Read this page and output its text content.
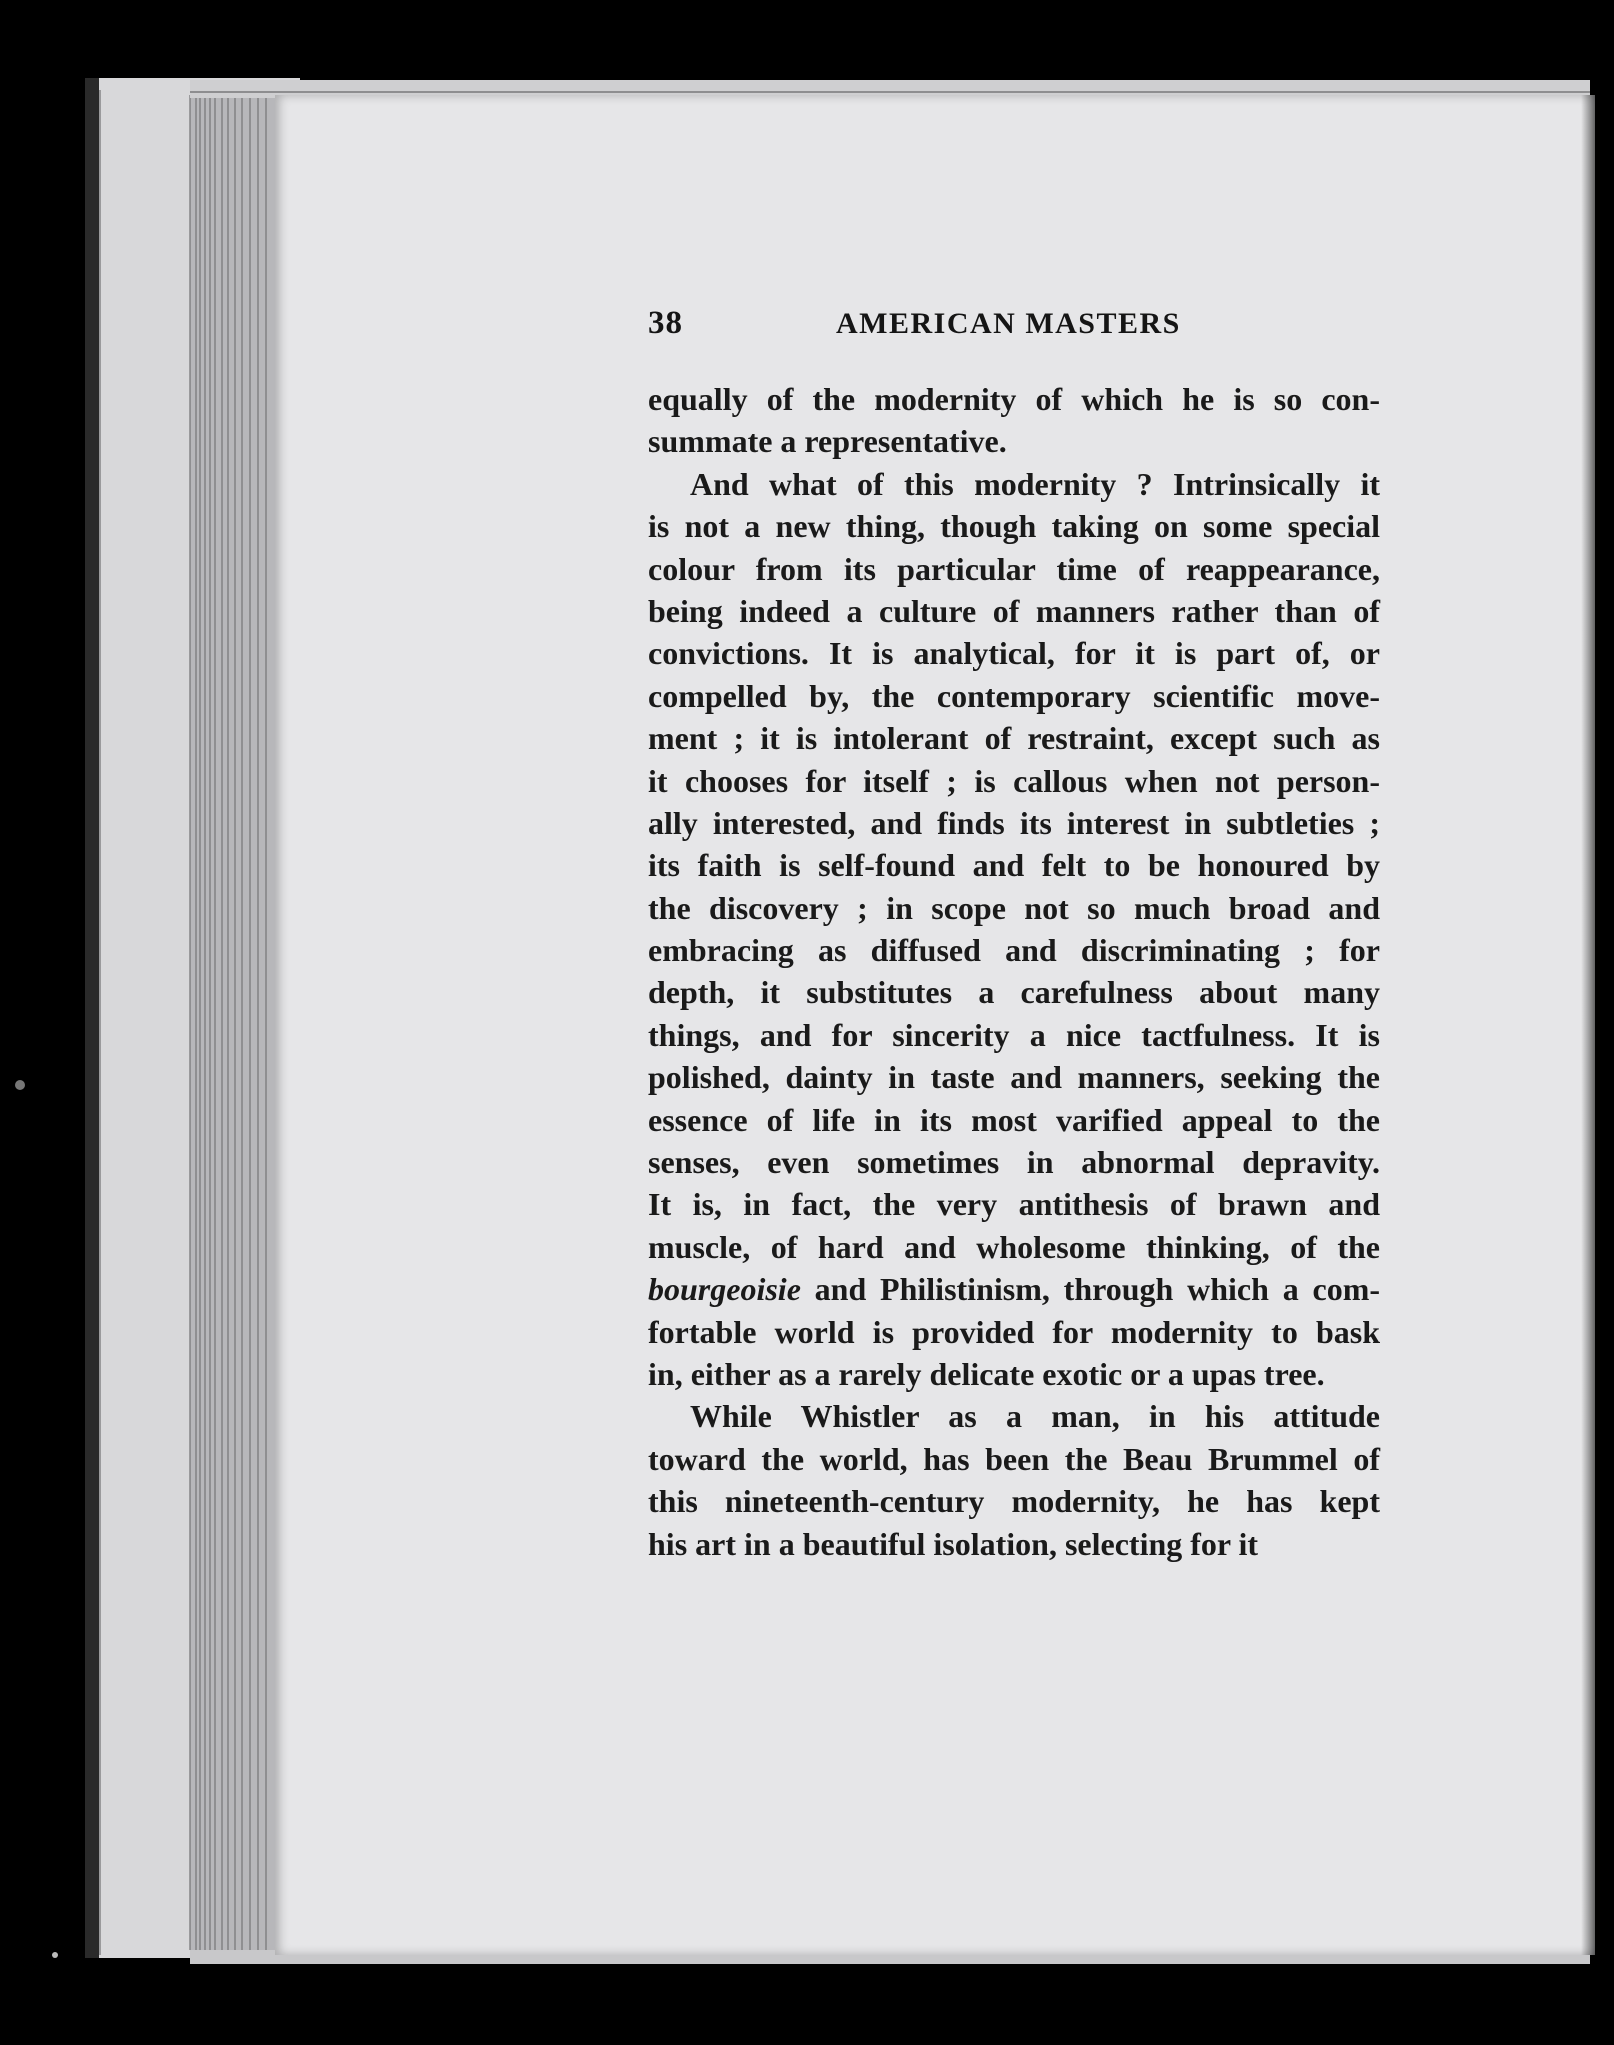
38	AMERICAN MASTERS
equally of the modernity of which he is so con-
summate a representative.
And what of this modernity ? Intrinsically it
is not a new thing, though taking on some special
colour from its particular time of reappearance,
being indeed a culture of manners rather than of
convictions. It is analytical, for it is part of, or
compelled by, the contemporary scientific move-
ment ; it is intolerant of restraint, except such as
it chooses for itself ; is callous when not person-
ally interested, and finds its interest in subtleties ;
its faith is self-found and felt to be honoured by
the discovery ; in scope not so much broad and
embracing as diffused and discriminating ; for
depth, it substitutes a carefulness about many
things, and for sincerity a nice tactfulness. It is
polished, dainty in taste and manners, seeking the
essence of life in its most varified appeal to the
senses, even sometimes in abnormal depravity.
It is, in fact, the very antithesis of brawn and
muscle, of hard and wholesome thinking, of the
bourgeoisie and Philistinism, through which a com-
fortable world is provided for modernity to bask
in, either as a rarely delicate exotic or a upas tree.
While Whistler as a man, in his attitude
toward the world, has been the Beau Brummel of
this nineteenth-century modernity, he has kept
his art in a beautiful isolation, selecting for it
